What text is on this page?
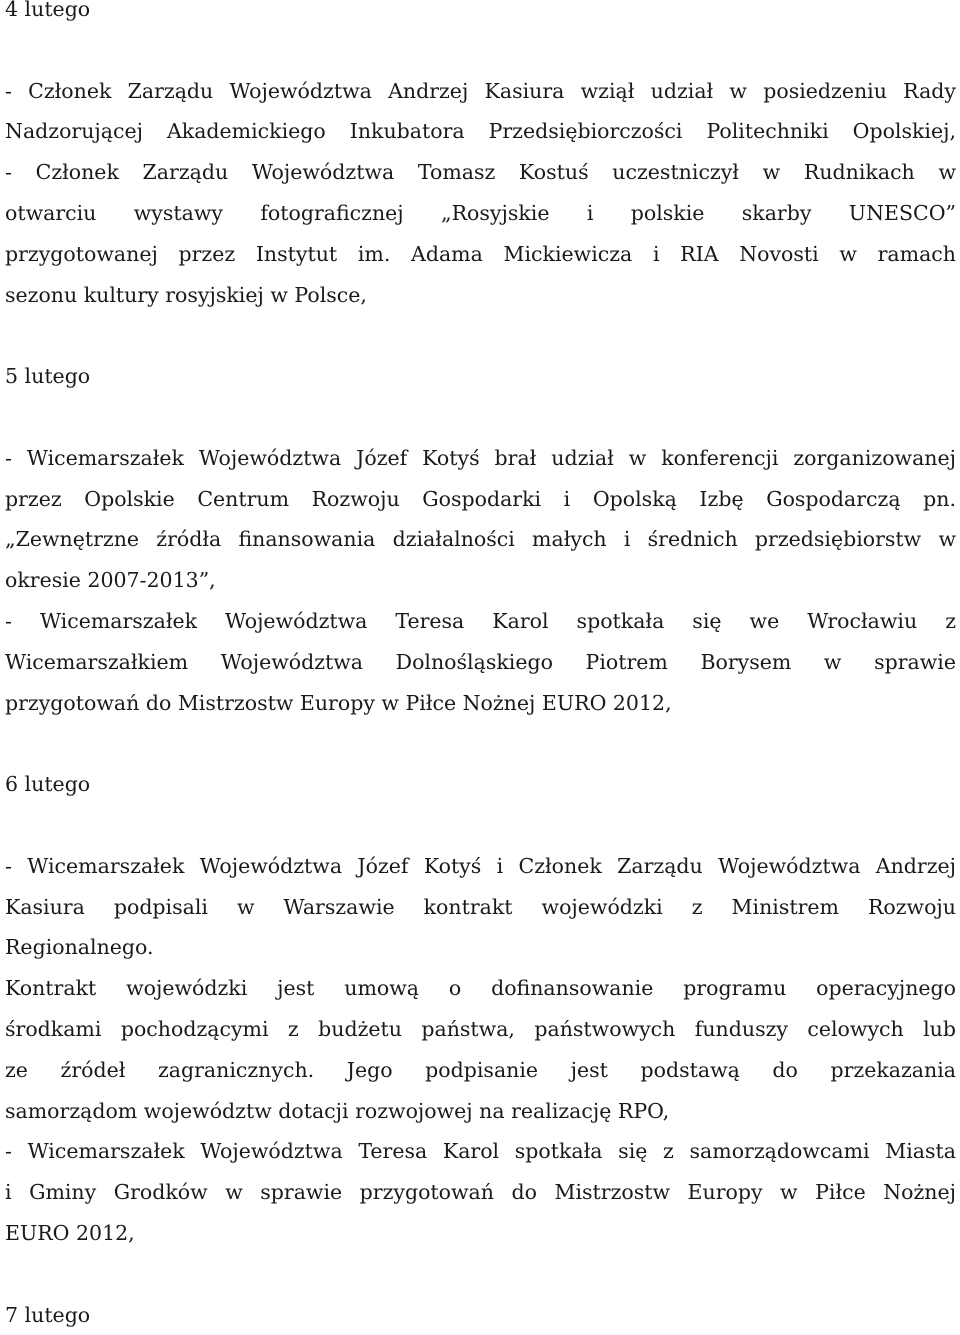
4 lutego
- Członek Zarządu Województwa Andrzej Kasiura wziął udział w posiedzeniu Rady
Nadzorującej Akademickiego Inkubatora Przedsiębiorczości Politechniki Opolskiej,
- Członek Zarządu Województwa Tomasz Kostuś uczestniczył w Rudnikach w
otwarciu wystawy fotograficznej „Rosyjskie i polskie skarby UNESCO”
przygotowanej przez Instytut im. Adama Mickiewicza i RIA Novosti w ramach
sezonu kultury rosyjskiej w Polsce,
5 lutego
- Wicemarszałek Województwa Józef Kotyś brał udział w konferencji zorganizowanej
przez Opolskie Centrum Rozwoju Gospodarki i Opolską Izbę Gospodarczą pn.
„Zewnętrzne źródła finansowania działalności małych i średnich przedsiębiorstw w
okresie 2007-2013”,
- Wicemarszałek Województwa Teresa Karol spotkała się we Wrocławiu z
Wicemarszałkiem Województwa Dolnośląskiego Piotrem Borysem w sprawie
przygotowań do Mistrzostw Europy w Piłce Nożnej EURO 2012,
6 lutego
- Wicemarszałek Województwa Józef Kotyś i Członek Zarządu Województwa Andrzej
Kasiura podpisali w Warszawie kontrakt wojewódzki z Ministrem Rozwoju
Regionalnego.
Kontrakt wojewódzki jest umową o dofinansowanie programu operacyjnego
środkami pochodzącymi z budżetu państwa, państwowych funduszy celowych lub
ze źródeł zagranicznych. Jego podpisanie jest podstawą do przekazania
samorządom województw dotacji rozwojowej na realizację RPO,
- Wicemarszałek Województwa Teresa Karol spotkała się z samorządowcami Miasta
i Gminy Grodków w sprawie przygotowań do Mistrzostw Europy w Piłce Nożnej
EURO 2012,
7 lutego
